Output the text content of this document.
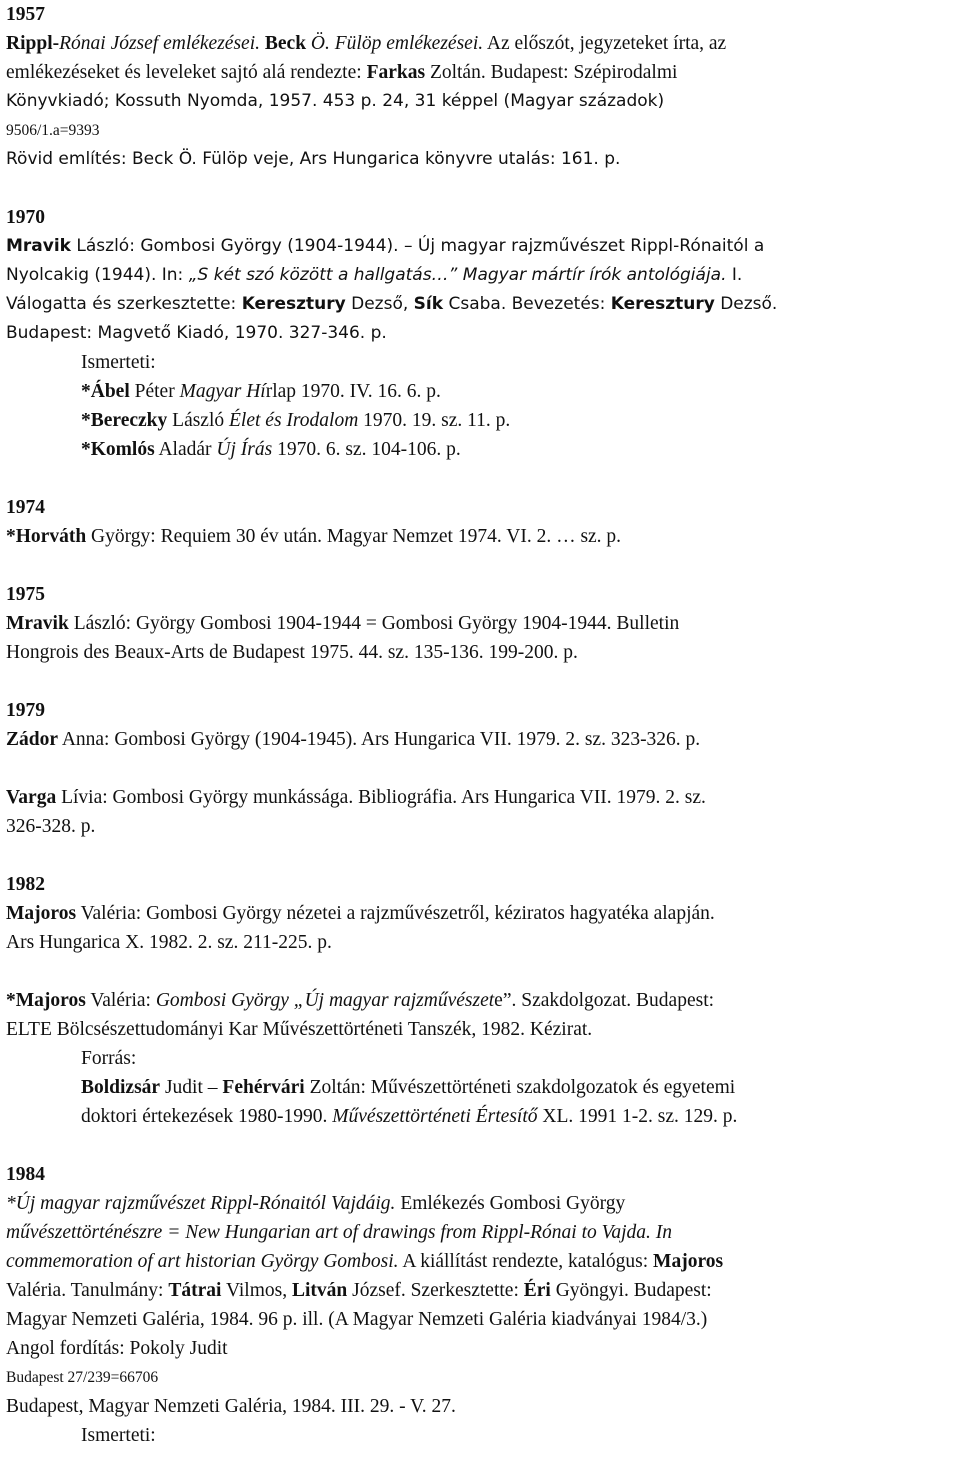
1957
Rippl-Rónai József emlékezései. Beck Ö. Fülöp emlékezései. Az előszót, jegyzeteket írta, az
emlékezéseket és leveleket sajtó alá rendezte: Farkas Zoltán. Budapest: Szépirodalmi
Könyvkiadó; Kossuth Nyomda, 1957. 453 p. 24, 31 képpel (Magyar századok)
9506/1.a=9393
Rövid említés: Beck Ö. Fülöp veje, Ars Hungarica könyvre utalás: 161. p.
1970
Mravik László: Gombosi György (1904-1944). – Új magyar rajzművészet Rippl-Rónaitól a
Nyolcakig (1944). In: „S két szó között a hallgatás…” Magyar mártír írók antológiája. I.
Válogatta és szerkesztette: Keresztury Dezső, Sík Csaba. Bevezetés: Keresztury Dezső.
Budapest: Magvető Kiadó, 1970. 327-346. p.
Ismerteti:
*Ábel Péter Magyar Hírlap 1970. IV. 16. 6. p.
*Bereczky László Élet és Irodalom 1970. 19. sz. 11. p.
*Komlós Aladár Új Írás 1970. 6. sz. 104-106. p.
1974
*Horváth György: Requiem 30 év után. Magyar Nemzet 1974. VI. 2. … sz. p.
1975
Mravik László: György Gombosi 1904-1944 = Gombosi György 1904-1944. Bulletin
Hongrois des Beaux-Arts de Budapest 1975. 44. sz. 135-136. 199-200. p.
1979
Zádor Anna: Gombosi György (1904-1945). Ars Hungarica VII. 1979. 2. sz. 323-326. p.
Varga Lívia: Gombosi György munkássága. Bibliográfia. Ars Hungarica VII. 1979. 2. sz.
326-328. p.
1982
Majoros Valéria: Gombosi György nézetei a rajzművészetről, kéziratos hagyatéka alapján.
Ars Hungarica X. 1982. 2. sz. 211-225. p.
*Majoros Valéria: Gombosi György „Új magyar rajzművészete”. Szakdolgozat. Budapest:
ELTE Bölcsészettudományi Kar Művészettörténeti Tanszék, 1982. Kézirat.
Forrás:
Boldizsár Judit – Fehérvári Zoltán: Művészettörténeti szakdolgozatok és egyetemi
doktori értekezések 1980-1990. Művészettörténeti Értesítő XL. 1991 1-2. sz. 129. p.
1984
*Új magyar rajzművészet Rippl-Rónaitól Vajdáig. Emlékezés Gombosi György
művészettörténészre = New Hungarian art of drawings from Rippl-Rónai to Vajda. In
commemoration of art historian György Gombosi. A kiállítást rendezte, katalógus: Majoros
Valéria. Tanulmány: Tátrai Vilmos, Litván József. Szerkesztette: Éri Gyöngyi. Budapest:
Magyar Nemzeti Galéria, 1984. 96 p. ill. (A Magyar Nemzeti Galéria kiadványai 1984/3.)
Angol fordítás: Pokoly Judit
Budapest 27/239=66706
Budapest, Magyar Nemzeti Galéria, 1984. III. 29. - V. 27.
Ismerteti:
